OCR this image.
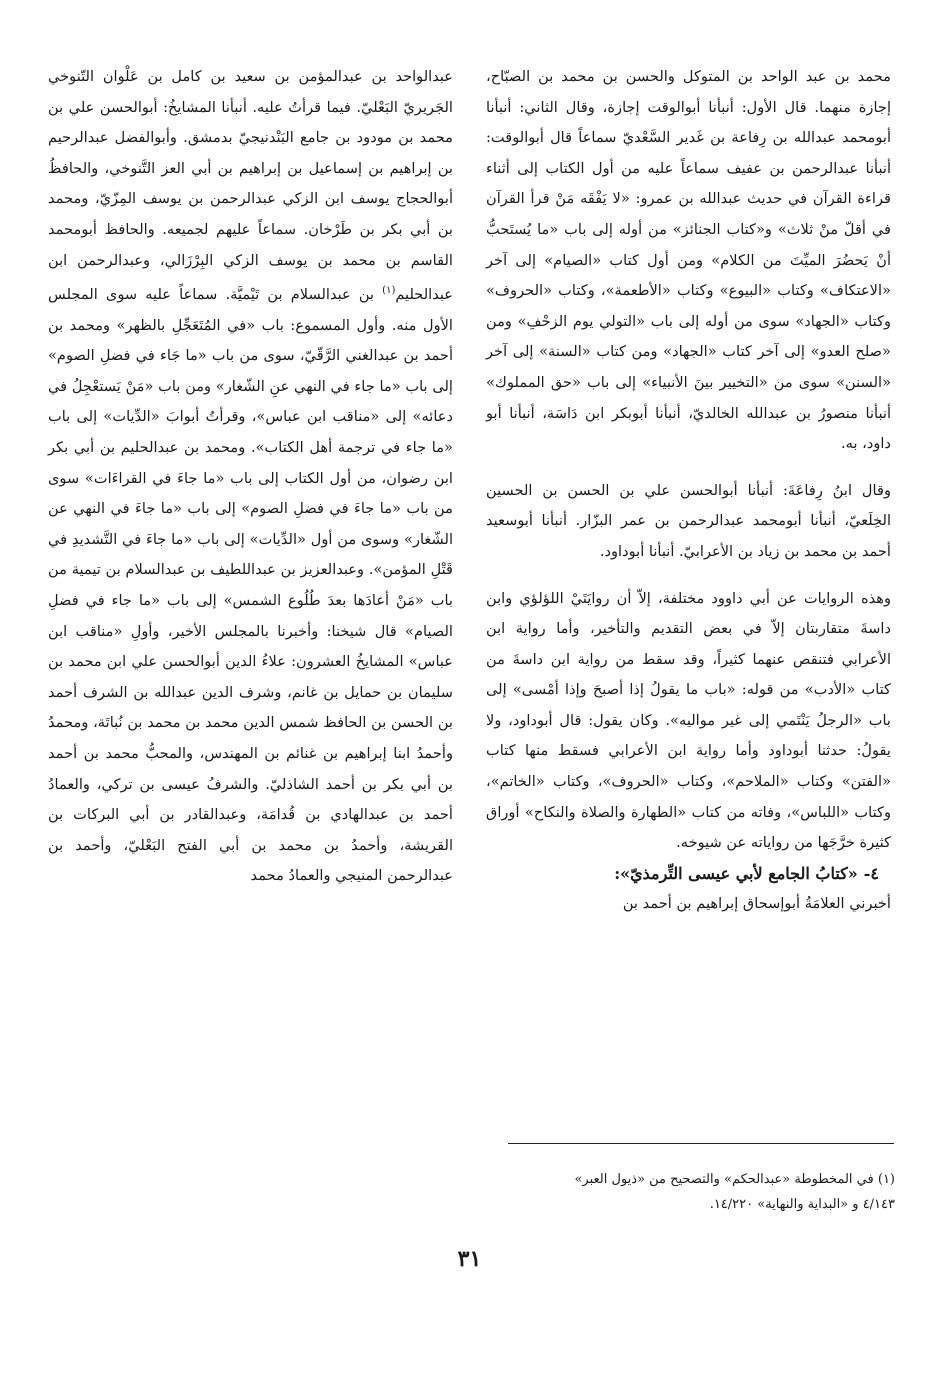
محمد بن عبد الواحد بن المتوكل والحسن بن محمد بن الصبّاح، إجازة منهما. قال الأول: أنبأنا أبوالوقت إجازة، وقال الثاني: أنبأنا أبومحمد عبدالله بن رِفاعة بن غَدير السَّعْديّ سماعاً قال أبوالوقت: أنبأنا عبدالرحمن بن عفيف سماعاً عليه من أول الكتاب إلى أثناء قراءة القرآن في حديث عبدالله بن عمرو: «لا يَفْقَه مَنْ قرأ القرآن في أقلّ منْ ثلاث» و«كتاب الجنائز» من أوله إلى باب «ما يُستَحبُّ أنْ يَحضُرَ الميِّتَ من الكلام» ومن أول كتاب «الصيام» إلى آخر «الاعتكاف» وكتاب «البيوع» وكتاب «الأطعمة»، وكتاب «الحروف» وكتاب «الجهاد» سوى من أوله إلى باب «التولي يوم الزحْفِ» ومن «صلح العدو» إلى آخر كتاب «الجهاد» ومن كتاب «السنة» إلى آخر «السنن» سوى من «التخيير بينَ الأنبياء» إلى باب «حق المملوك» أنبأنا منصورُ بن عبدالله الخالديّ، أنبأنا أبوبكر ابن دَاسَة، أنبأنا أبو داود، به.

وقال ابنُ رِفاعَةَ: أنبأنا أبوالحسن علي بن الحسن بن الحسين الخِلَعيّ، أنبأنا أبومحمد عبدالرحمن بن عمر البزّار. أنبأنا أبوسعيد أحمد بن محمد بن زياد بن الأعرابيّ. أنبأنا أبوداود.

وهذه الروايات عن أبي داوود مختلفة، إلاّ أن روايَتَيْ اللؤلؤي وابن داسةَ متقاربتان إلاّ في بعض التقديم والتأخير، وأما رواية ابن الأعرابي فتنقص عنهما كثيراً، وقد سقط من رواية ابن داسةَ من كتاب «الأدب» من قوله: «باب ما يقولُ إذا أصبحَ وإذا أمْسى» إلى باب «الرجلُ يَنْتَمي إلى غير مواليه». وكان يقول: قال أبوداود، ولا يقولُ: حدثنا أبوداود وأما رواية ابن الأعرابي فسقط منها كتاب «الفتن» وكتاب «الملاحم»، وكتاب «الحروف»، وكتاب «الخاتم»، وكتاب «اللباس»، وفاته من كتاب «الطهارة والصلاة والنكاح» أوراق كثيرة خرَّجَها من رواياته عن شيوخه.

٤-«كتابُ الجامع لأبي عيسى التِّرمذيّ»:

أخبرني العلامَةُ أبوإسحاق إبراهيم بن أحمد بن

عبدالواحد بن عبدالمؤمن بن سعيد بن كامل بن عَلْوان التّنوخي الجَريريّ البَعْليّ. فيما قرأتُ عليه. أنبأنا المشايخُ: أبوالحسن علي بن محمد بن مودود بن جامع البَنْدنيجيّ بدمشق. وأبوالفضل عبدالرحيم بن إبراهيم بن إسماعيل بن إبراهيم بن أبي العز التَّنوخي، والحافظُ أبوالحجاج يوسف ابن الزكي عبدالرحمن بن يوسف المِزّيّ، ومحمد بن أبي بكر بن طَرْخان. سماعاً عليهم لجميعه. والحافظ أبومحمد القاسم بن محمد بن يوسف الزكي البِرْزَالي، وعبدالرحمن ابن عبدالحليم$^{(١)}$ بن عبدالسلام بن تَيْميَّة. سماعاً عليه سوى المجلس الأول منه. وأول المسموع: باب «في المُتَعَجِّلِ بالظهر» ومحمد بن أحمد بن عبدالغني الرَّقّيّ، سوى من باب «ما جَاء في فضلِ الصوم» إلى باب «ما جاء في النهي عنِ الشّغار» ومن باب «مَنْ يَستعْجِلُ في دعائه» إلى «مناقب ابن عباس»، وقرأتُ أبوابَ «الدِّيات» إلى باب «ما جاء في ترجمة أهل الكتاب». ومحمد بن عبدالحليم بن أبي بكر ابن رضوان، من أول الكتاب إلى باب «ما جاءَ في القراءَات» سوى من باب «ما جاءَ في فضلِ الصوم» إلى باب «ما جاءَ في النهي عن الشّغار» وسوى من أول «الدِّيات» إلى باب «ما جاءَ في التَّشديدِ في قَتْلِ المؤمن». وعبدالعزيز بن عبداللطيف بن عبدالسلام بن تيمية من باب «مَنْ أعادَها بعدَ طُلُوع الشمس» إلى باب «ما جاء في فضلِ الصيام» قال شيخنا: وأخبرنا بالمجلس الأخير، وأولِ «مناقب ابن عباس» المشايخُ العشرون: علاءُ الدين أبوالحسن علي ابن محمد بن سليمان بن حمايل بن غانم، وشرف الدين عبدالله بن الشرف أحمد بن الحسن بن الحافظ شمس الدين محمد بن محمد بن نُباتَة، ومحمدُ وأحمدُ ابنا إبراهيم بن غنائم بن المهندس، والمحبُّ محمد بن أحمد بن أبي بكر بن أحمد الشاذليّ. والشرفُ عيسى بن تركي، والعمادُ أحمد بن عبدالهادي بن قُدامَة، وعبدالقادر بن أبي البركات بن القريشة، وأحمدُ بن محمد بن أبي الفتح البَعْليّ، وأحمد بن عبدالرحمن المنيجي والعمادُ محمد

(١) في المخطوطة «عبدالحكم» والتصحيح من «ذيول العبر»
٤/١٤٣ و «البداية والنهاية» ١٤/٢٢٠.
٣١
